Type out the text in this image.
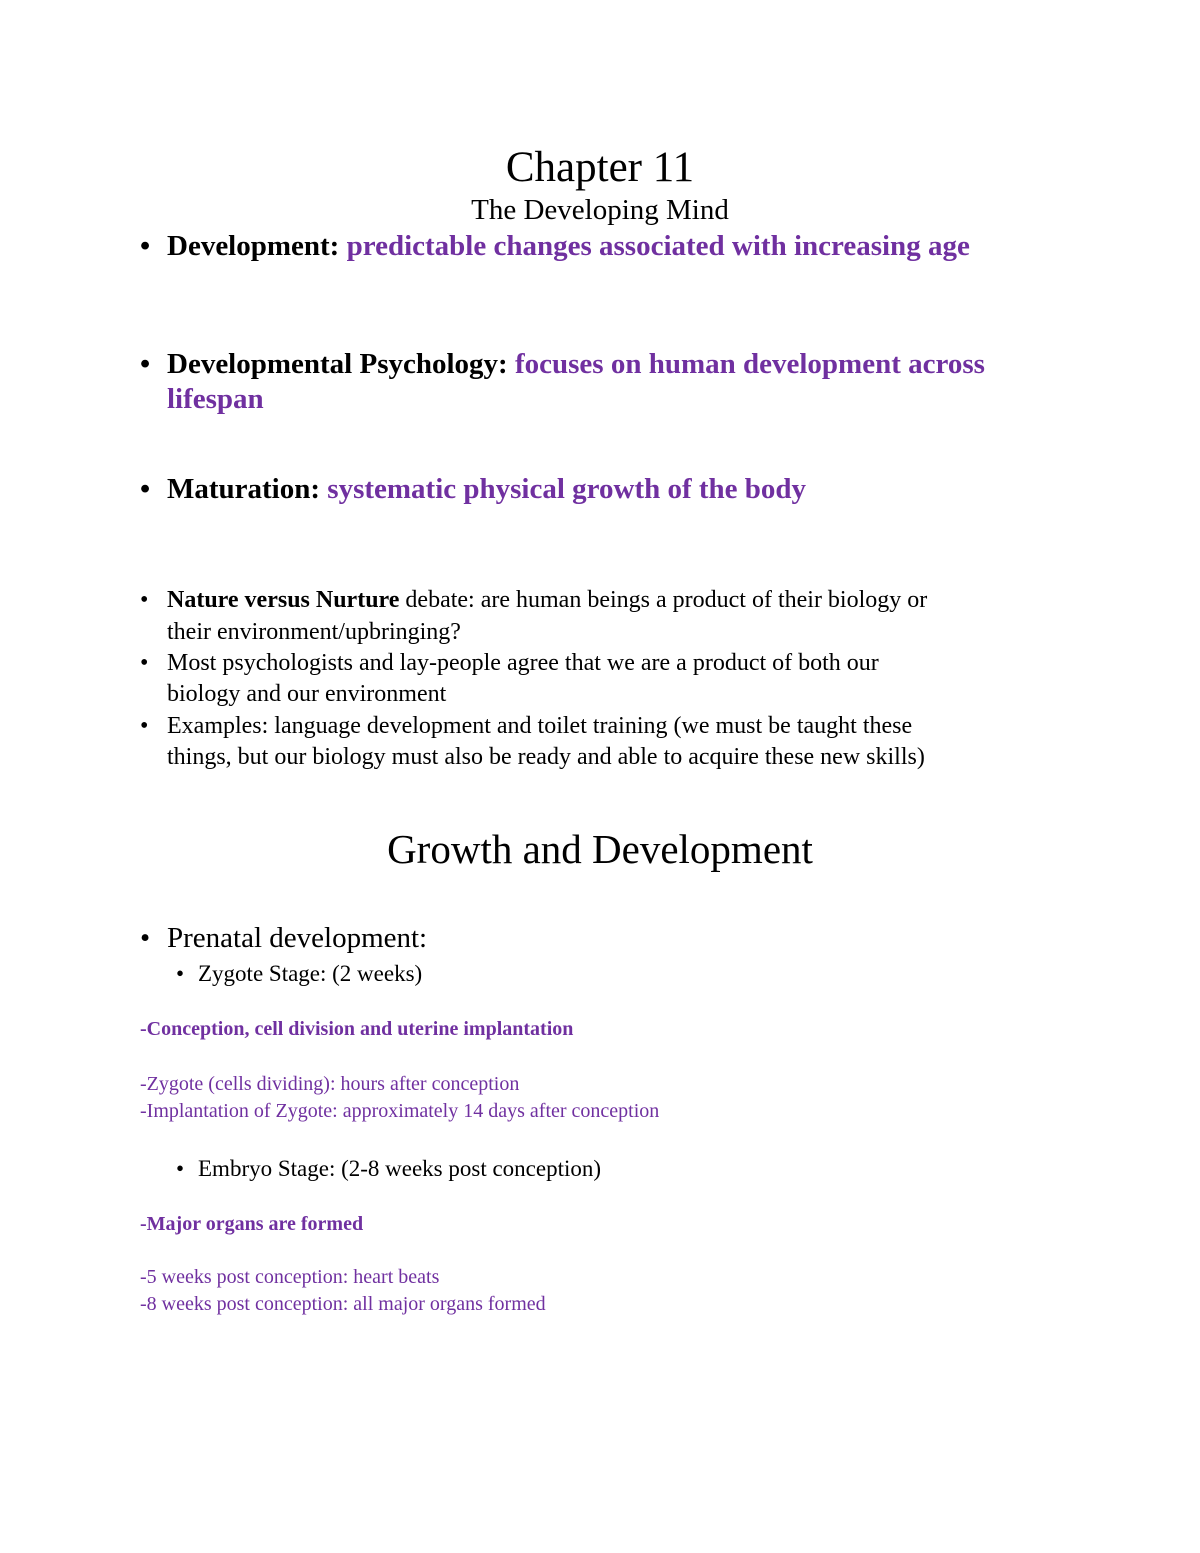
Chapter 11
The Developing Mind
• Development: predictable changes associated with increasing age
• Developmental Psychology: focuses on human development across
lifespan
• Maturation: systematic physical growth of the body
• Nature versus Nurture debate: are human beings a product of their biology or
their environment/upbringing?
• Most psychologists and lay-people agree that we are a product of both our
biology and our environment
• Examples: language development and toilet training (we must be taught these
things, but our biology must also be ready and able to acquire these new skills)
Growth and Development
• Prenatal development:
• Zygote Stage: (2 weeks)
-Conception, cell division and uterine implantation
-Zygote (cells dividing): hours after conception
-Implantation of Zygote: approximately 14 days after conception
• Embryo Stage: (2-8 weeks post conception)
-Major organs are formed
-5 weeks post conception: heart beats
-8 weeks post conception: all major organs formed
